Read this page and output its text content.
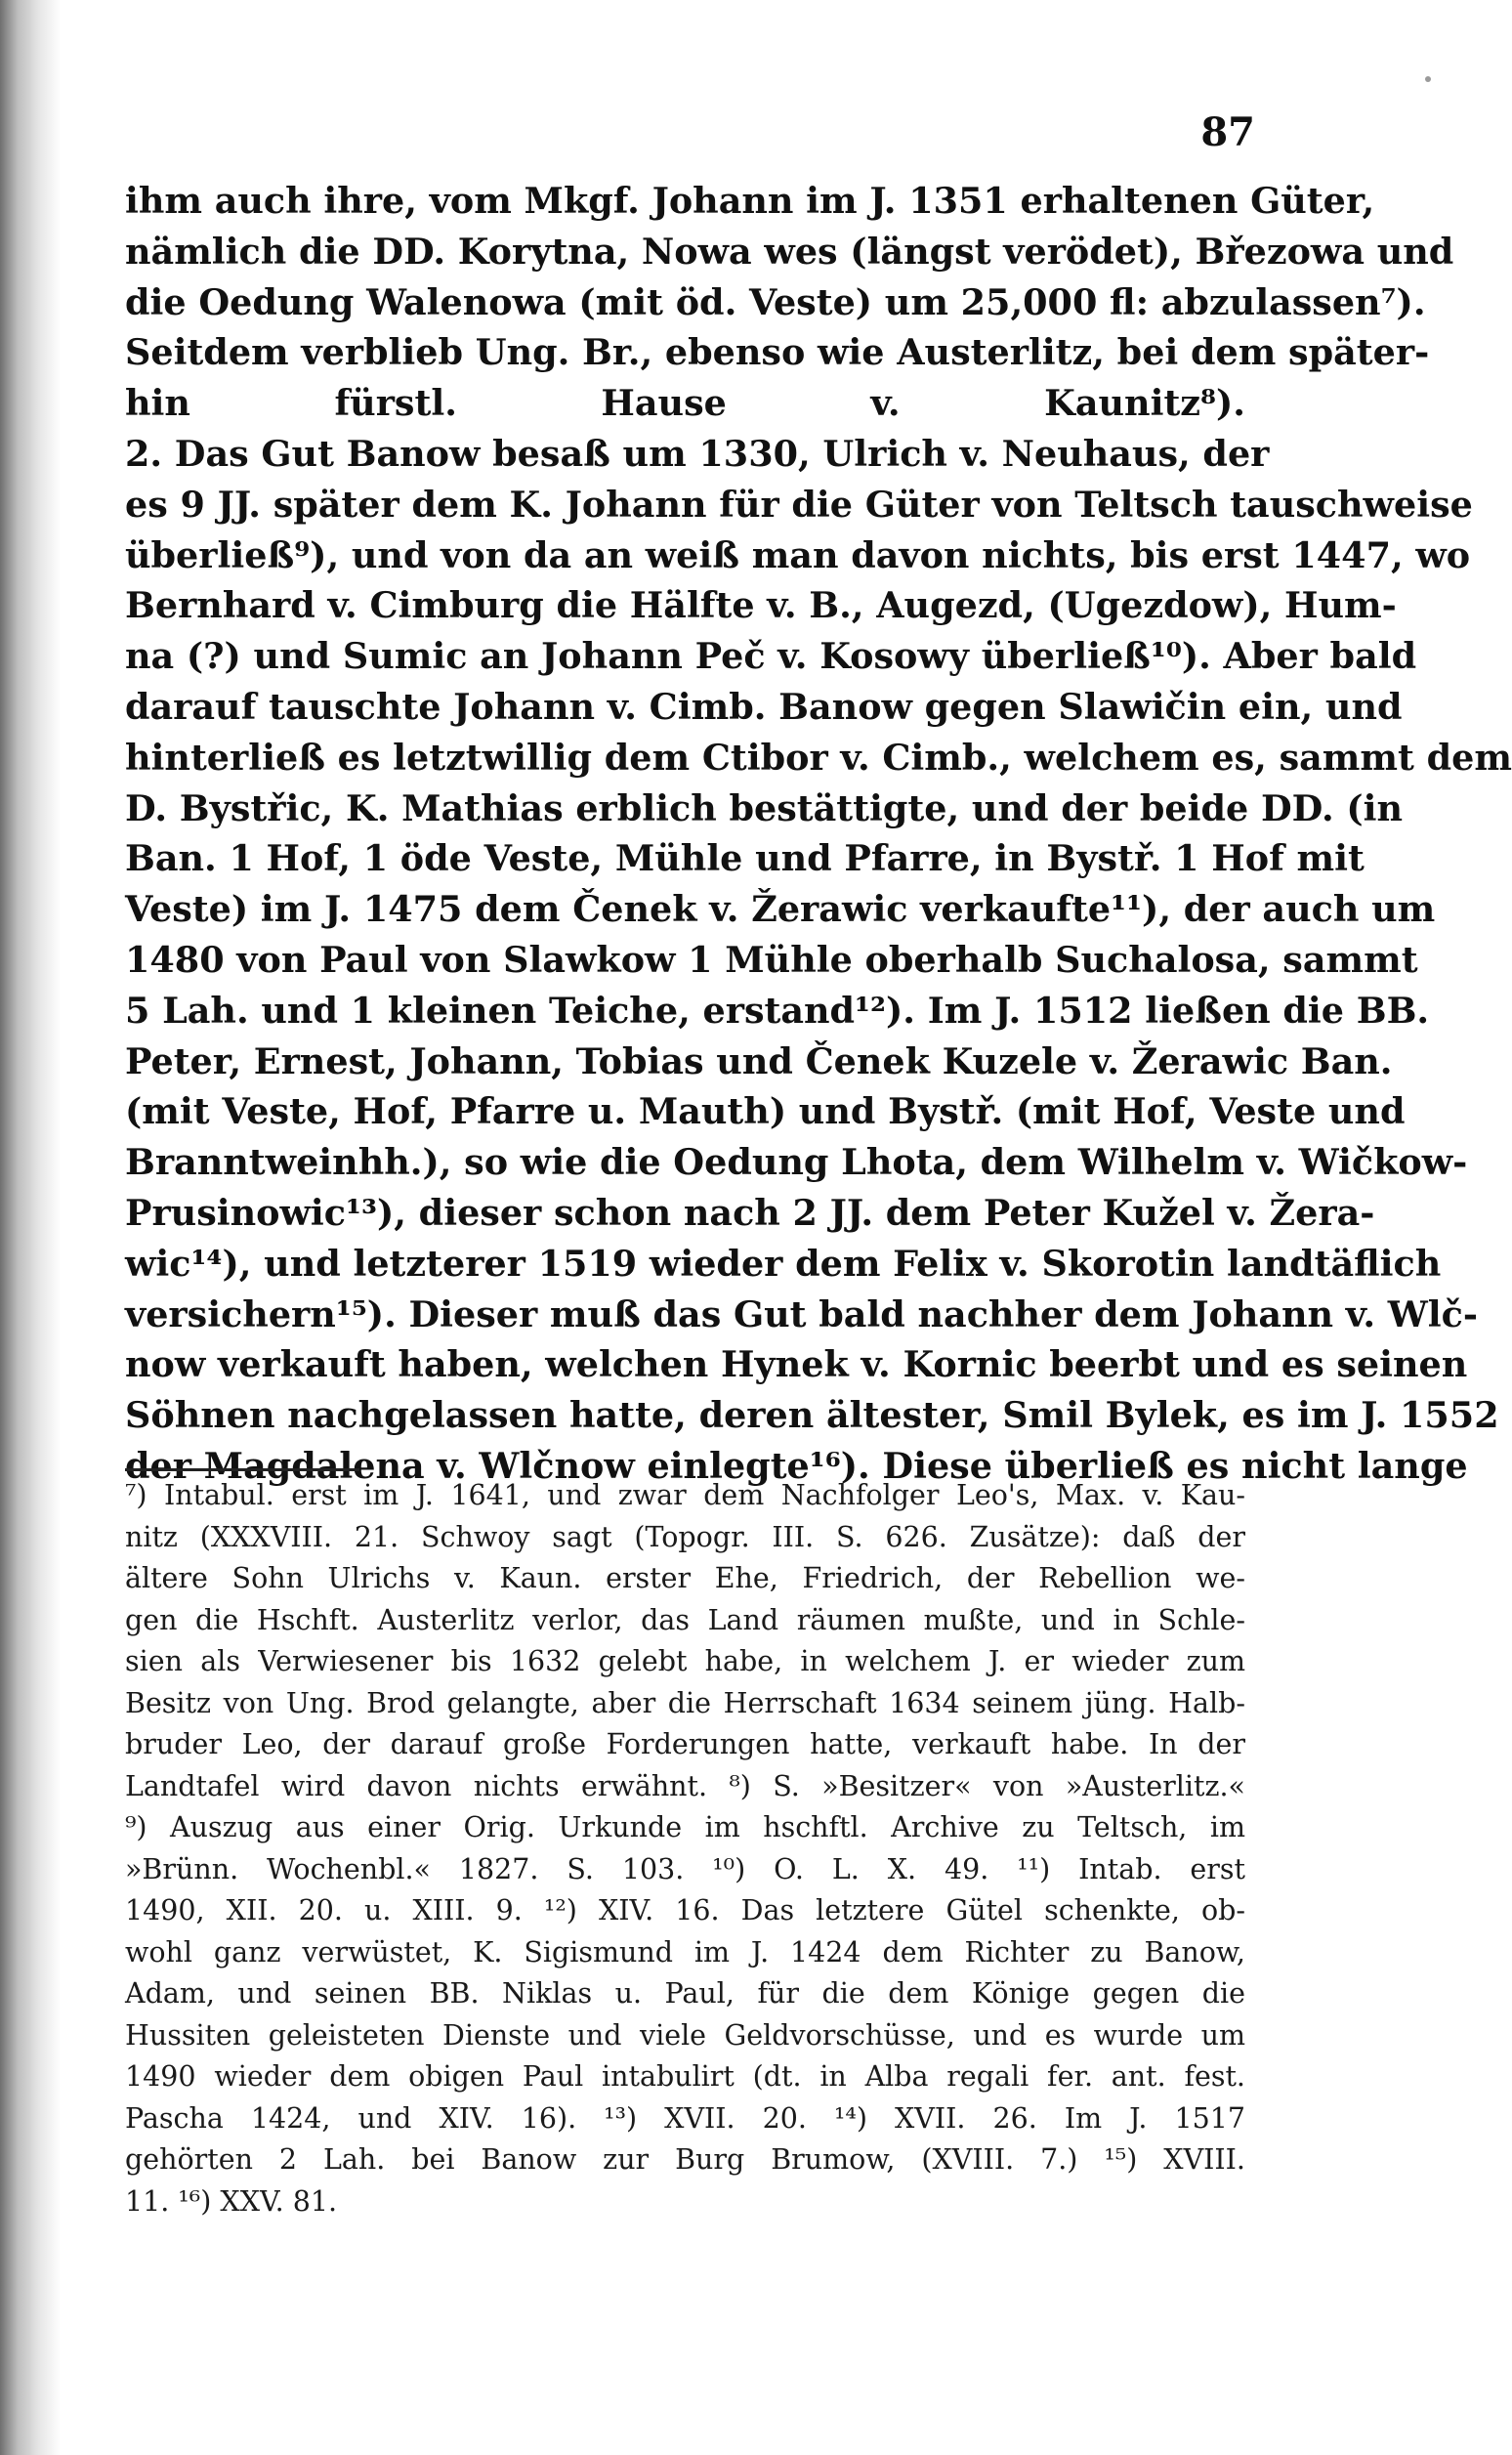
87
ihm auch ihre, vom Mkgf. Johann im J. 1351 erhaltenen Güter,
nämlich die DD. Korytna, Nowa wes (längst verödet), Březowa und
die Oedung Walenowa (mit öd. Veste) um 25,000 fl: abzulassen⁷).
Seitdem verblieb Ung. Br., ebenso wie Austerlitz, bei dem später-
hin fürstl. Hause v. Kaunitz⁸).
2. Das Gut Banow besaß um 1330, Ulrich v. Neuhaus, der
es 9 JJ. später dem K. Johann für die Güter von Teltsch tauschweise
überließ⁹), und von da an weiß man davon nichts, bis erst 1447, wo
Bernhard v. Cimburg die Hälfte v. B., Augezd, (Ugezdow), Hum-
na (?) und Sumic an Johann Peč v. Kosowy überließ¹⁰). Aber bald
darauf tauschte Johann v. Cimb. Banow gegen Slawičin ein, und
hinterließ es letztwillig dem Ctibor v. Cimb., welchem es, sammt dem
D. Bystřic, K. Mathias erblich bestättigte, und der beide DD. (in
Ban. 1 Hof, 1 öde Veste, Mühle und Pfarre, in Bystř. 1 Hof mit
Veste) im J. 1475 dem Čenek v. Žerawic verkaufte¹¹), der auch um
1480 von Paul von Slawkow 1 Mühle oberhalb Suchalosa, sammt
5 Lah. und 1 kleinen Teiche, erstand¹²). Im J. 1512 ließen die BB.
Peter, Ernest, Johann, Tobias und Čenek Kuzele v. Žerawic Ban.
(mit Veste, Hof, Pfarre u. Mauth) und Bystř. (mit Hof, Veste und
Branntweinhh.), so wie die Oedung Lhota, dem Wilhelm v. Wičkow-
Prusinowic¹³), dieser schon nach 2 JJ. dem Peter Kužel v. Žera-
wic¹⁴), und letzterer 1519 wieder dem Felix v. Skorotin landtäflich
versichern¹⁵). Dieser muß das Gut bald nachher dem Johann v. Wlč-
now verkauft haben, welchen Hynek v. Kornic beerbt und es seinen
Söhnen nachgelassen hatte, deren ältester, Smil Bylek, es im J. 1552
der Magdalena v. Wlčnow einlegte¹⁶). Diese überließ es nicht lange
⁷) Intabul. erst im J. 1641, und zwar dem Nachfolger Leo's, Max. v. Kau-
nitz (XXXVIII. 21. Schwoy sagt (Topogr. III. S. 626. Zusätze): daß der
ältere Sohn Ulrichs v. Kaun. erster Ehe, Friedrich, der Rebellion we-
gen die Hschft. Austerlitz verlor, das Land räumen mußte, und in Schle-
sien als Verwiesener bis 1632 gelebt habe, in welchem J. er wieder zum
Besitz von Ung. Brod gelangte, aber die Herrschaft 1634 seinem jüng. Halb-
bruder Leo, der darauf große Forderungen hatte, verkauft habe. In der
Landtafel wird davon nichts erwähnt. ⁸) S. »Besitzer« von »Austerlitz.«
⁹) Auszug aus einer Orig. Urkunde im hschftl. Archive zu Teltsch, im
»Brünn. Wochenbl.« 1827. S. 103. ¹⁰) O. L. X. 49. ¹¹) Intab. erst
1490, XII. 20. u. XIII. 9. ¹²) XIV. 16. Das letztere Gütel schenkte, ob-
wohl ganz verwüstet, K. Sigismund im J. 1424 dem Richter zu Banow,
Adam, und seinen BB. Niklas u. Paul, für die dem Könige gegen die
Hussiten geleisteten Dienste und viele Geldvorschüsse, und es wurde um
1490 wieder dem obigen Paul intabulirt (dt. in Alba regali fer. ant. fest.
Pascha 1424, und XIV. 16). ¹³) XVII. 20. ¹⁴) XVII. 26. Im J. 1517
gehörten 2 Lah. bei Banow zur Burg Brumow, (XVIII. 7.) ¹⁵) XVIII.
11. ¹⁶) XXV. 81.
